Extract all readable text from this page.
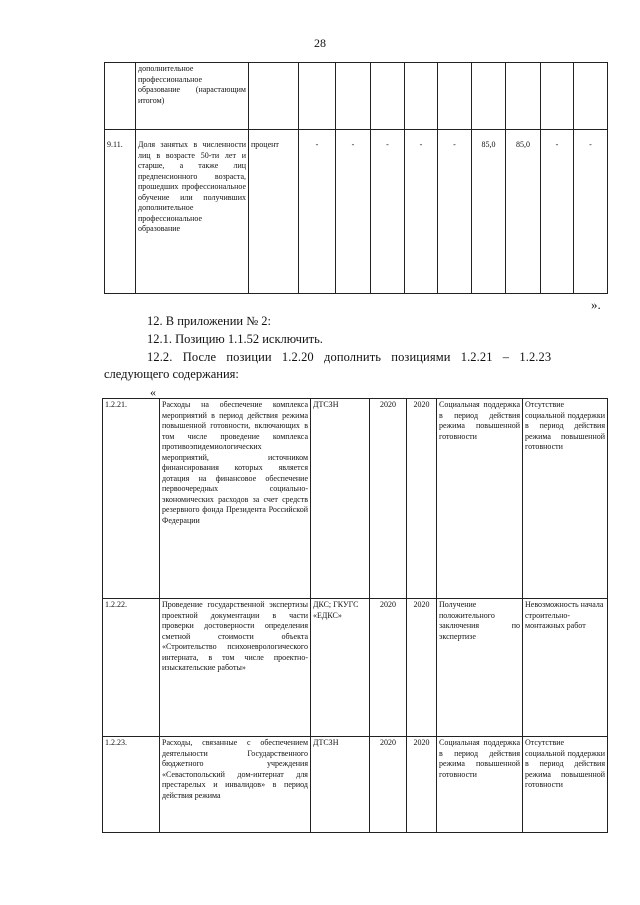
28
	дополнительное профессиональное образование (нарастающим итогом)										
9.11.	Доля занятых в численности лиц в возрасте 50-ти лет и старше, а также лиц предпенсионного возраста, прошедших профессиональное обучение или получивших дополнительное профессиональное образование	процент	-	-	-	-	-	85,0	85,0	-	-
».
12. В приложении № 2:
12.1. Позицию 1.1.52 исключить.
12.2. После позиции 1.2.20 дополнить позициями 1.2.21 – 1.2.23
следующего содержания:
«
1.2.21.	Расходы на обеспечение комплекса мероприятий в период действия режима повышенной готовности, включающих в том числе проведение комплекса противоэпидемиологических мероприятий, источником финансирования которых является дотация на финансовое обеспечение первоочередных социально-экономических расходов за счет средств резервного фонда Президента Российской Федерации	ДТСЗН	2020	2020	Социальная поддержка в период действия режима повышенной готовности	Отсутствие социальной поддержки в период действия режима повышенной готовности
1.2.22.	Проведение государственной экспертизы проектной документации в части проверки достоверности определения сметной стоимости объекта «Строительство психоневрологического интерната, в том числе проектно-изыскательские работы»	ДКС; ГКУГС «ЕДКС»	2020	2020	Получение положительного заключения по экспертизе	Невозможность начала строительно-монтажных работ
1.2.23.	Расходы, связанные с обеспечением деятельности Государственного бюджетного учреждения «Севастопольский дом-интернат для престарелых и инвалидов» в период действия режима	ДТСЗН	2020	2020	Социальная поддержка в период действия режима повышенной готовности	Отсутствие социальной поддержки в период действия режима повышенной готовности
